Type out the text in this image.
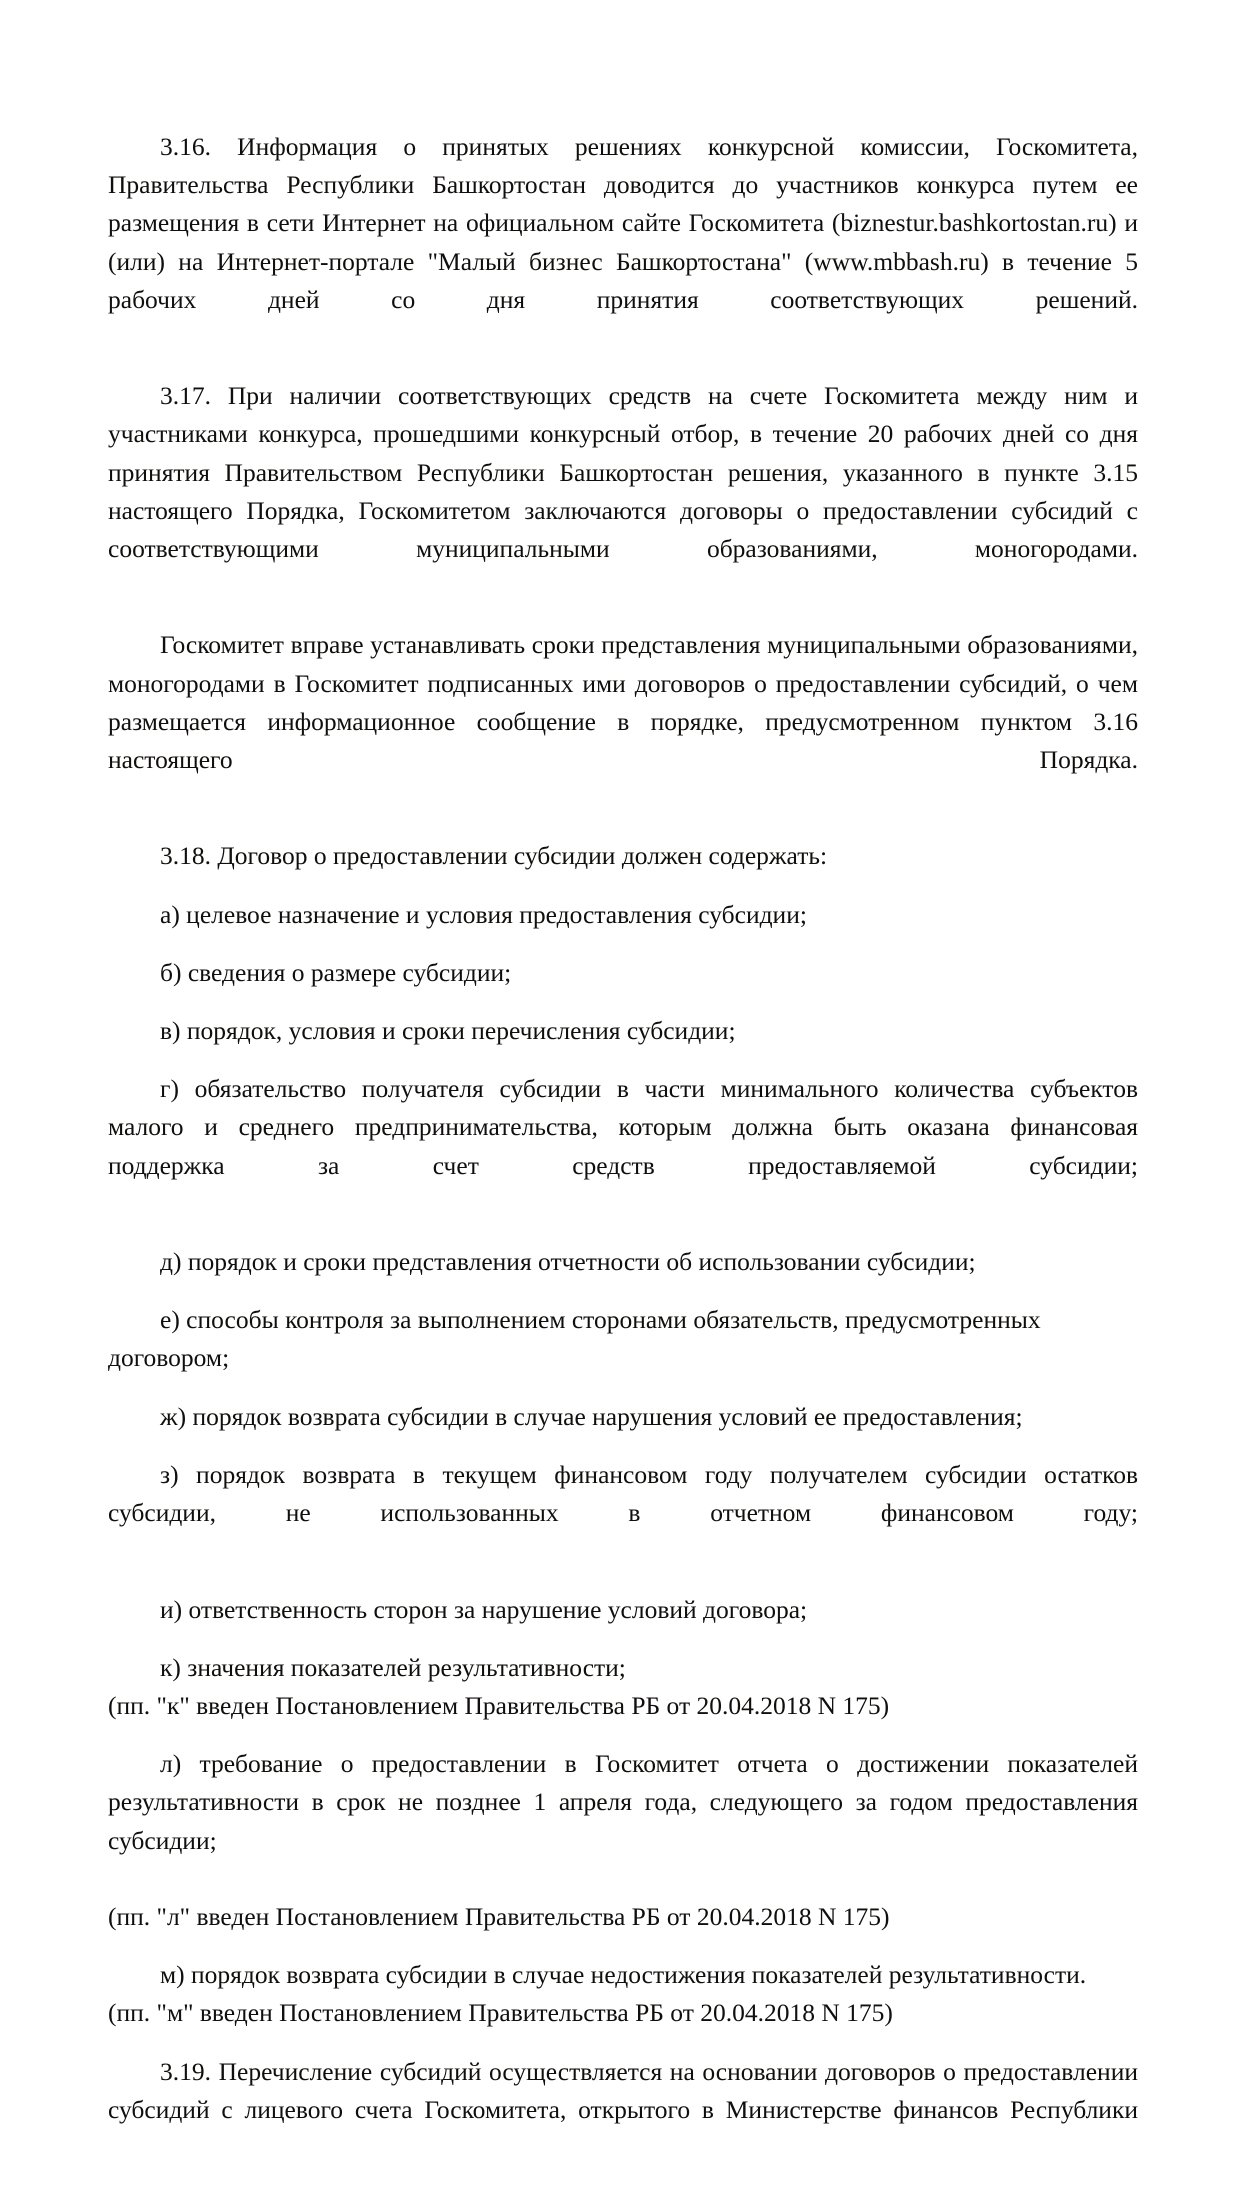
3.16. Информация о принятых решениях конкурсной комиссии, Госкомитета, Правительства Республики Башкортостан доводится до участников конкурса путем ее размещения в сети Интернет на официальном сайте Госкомитета (biznestur.bashkortostan.ru) и (или) на Интернет-портале "Малый бизнес Башкортостана" (www.mbbash.ru) в течение 5 рабочих дней со дня принятия соответствующих решений.

3.17. При наличии соответствующих средств на счете Госкомитета между ним и участниками конкурса, прошедшими конкурсный отбор, в течение 20 рабочих дней со дня принятия Правительством Республики Башкортостан решения, указанного в пункте 3.15 настоящего Порядка, Госкомитетом заключаются договоры о предоставлении субсидий с соответствующими муниципальными образованиями, моногородами.

Госкомитет вправе устанавливать сроки представления муниципальными образованиями, моногородами в Госкомитет подписанных ими договоров о предоставлении субсидий, о чем размещается информационное сообщение в порядке, предусмотренном пунктом 3.16 настоящего Порядка.

3.18. Договор о предоставлении субсидии должен содержать:

а) целевое назначение и условия предоставления субсидии;

б) сведения о размере субсидии;

в) порядок, условия и сроки перечисления субсидии;

г) обязательство получателя субсидии в части минимального количества субъектов малого и среднего предпринимательства, которым должна быть оказана финансовая поддержка за счет средств предоставляемой субсидии;

д) порядок и сроки представления отчетности об использовании субсидии;

е) способы контроля за выполнением сторонами обязательств, предусмотренных договором;

ж) порядок возврата субсидии в случае нарушения условий ее предоставления;

з) порядок возврата в текущем финансовом году получателем субсидии остатков субсидии, не использованных в отчетном финансовом году;

и) ответственность сторон за нарушение условий договора;

к) значения показателей результативности;

(пп. "к" введен Постановлением Правительства РБ от 20.04.2018 N 175)

л) требование о предоставлении в Госкомитет отчета о достижении показателей результативности в срок не позднее 1 апреля года, следующего за годом предоставления субсидии;

(пп. "л" введен Постановлением Правительства РБ от 20.04.2018 N 175)

м) порядок возврата субсидии в случае недостижения показателей результативности.

(пп. "м" введен Постановлением Правительства РБ от 20.04.2018 N 175)

3.19. Перечисление субсидий осуществляется на основании договоров о предоставлении субсидий с лицевого счета Госкомитета, открытого в Министерстве финансов Республики
